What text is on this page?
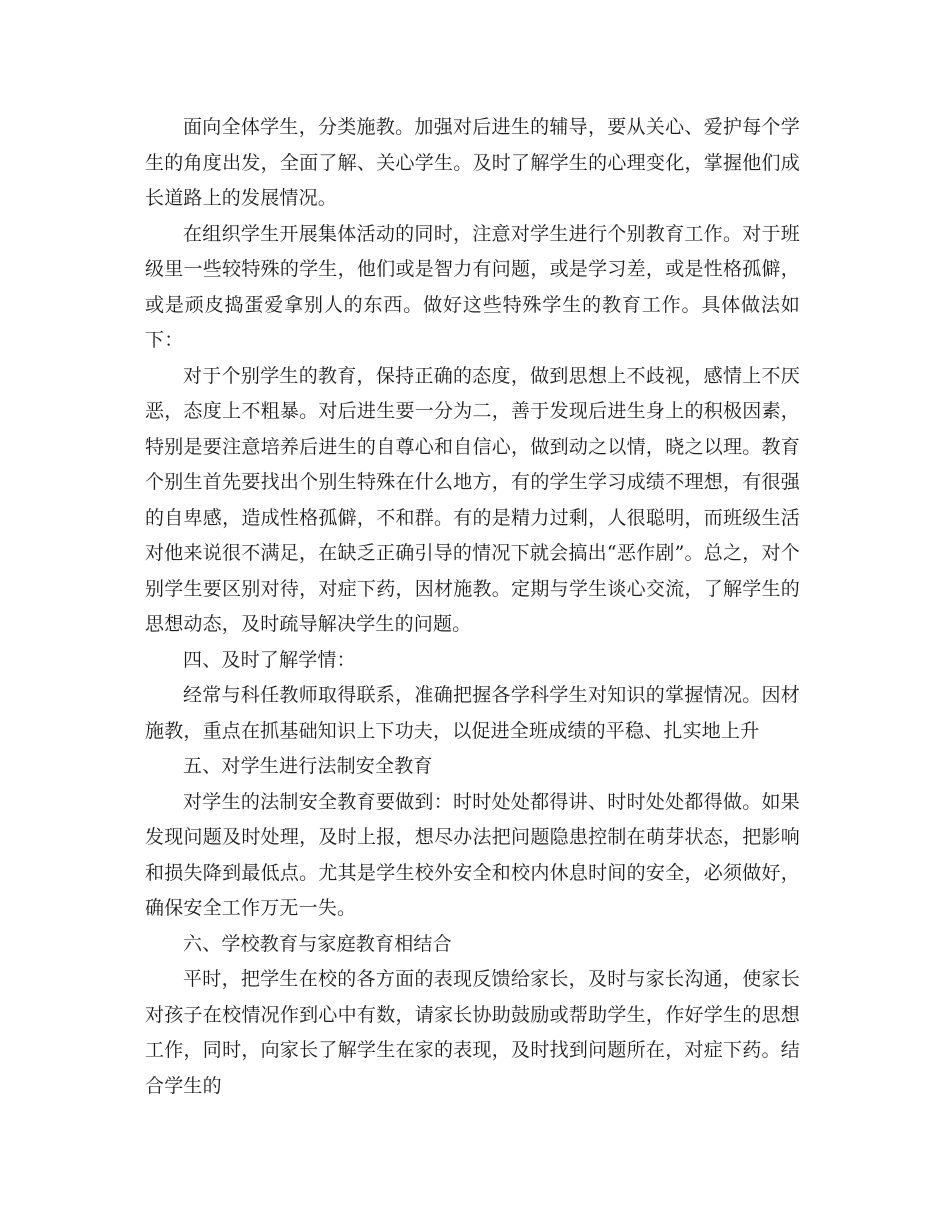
面向全体学生，分类施教。加强对后进生的辅导，要从关心、爱护每个学生的角度出发，全面了解、关心学生。及时了解学生的心理变化，掌握他们成长道路上的发展情况。

在组织学生开展集体活动的同时，注意对学生进行个别教育工作。对于班级里一些较特殊的学生，他们或是智力有问题，或是学习差，或是性格孤僻，或是顽皮捣蛋爱拿别人的东西。做好这些特殊学生的教育工作。具体做法如下：

对于个别学生的教育，保持正确的态度，做到思想上不歧视，感情上不厌恶，态度上不粗暴。对后进生要一分为二，善于发现后进生身上的积极因素，特别是要注意培养后进生的自尊心和自信心，做到动之以情，晓之以理。教育个别生首先要找出个别生特殊在什么地方，有的学生学习成绩不理想，有很强的自卑感，造成性格孤僻，不和群。有的是精力过剩，人很聪明，而班级生活对他来说很不满足，在缺乏正确引导的情况下就会搞出“恶作剧”。总之，对个别学生要区别对待，对症下药，因材施教。定期与学生谈心交流，了解学生的思想动态，及时疏导解决学生的问题。

四、及时了解学情：

经常与科任教师取得联系，准确把握各学科学生对知识的掌握情况。因材施教，重点在抓基础知识上下功夫，以促进全班成绩的平稳、扎实地上升

五、对学生进行法制安全教育

对学生的法制安全教育要做到：时时处处都得讲、时时处处都得做。如果发现问题及时处理，及时上报，想尽办法把问题隐患控制在萌芽状态，把影响和损失降到最低点。尤其是学生校外安全和校内休息时间的安全，必须做好，确保安全工作万无一失。

六、学校教育与家庭教育相结合

平时，把学生在校的各方面的表现反馈给家长，及时与家长沟通，使家长对孩子在校情况作到心中有数，请家长协助鼓励或帮助学生，作好学生的思想工作，同时，向家长了解学生在家的表现，及时找到问题所在，对症下药。结合学生的
